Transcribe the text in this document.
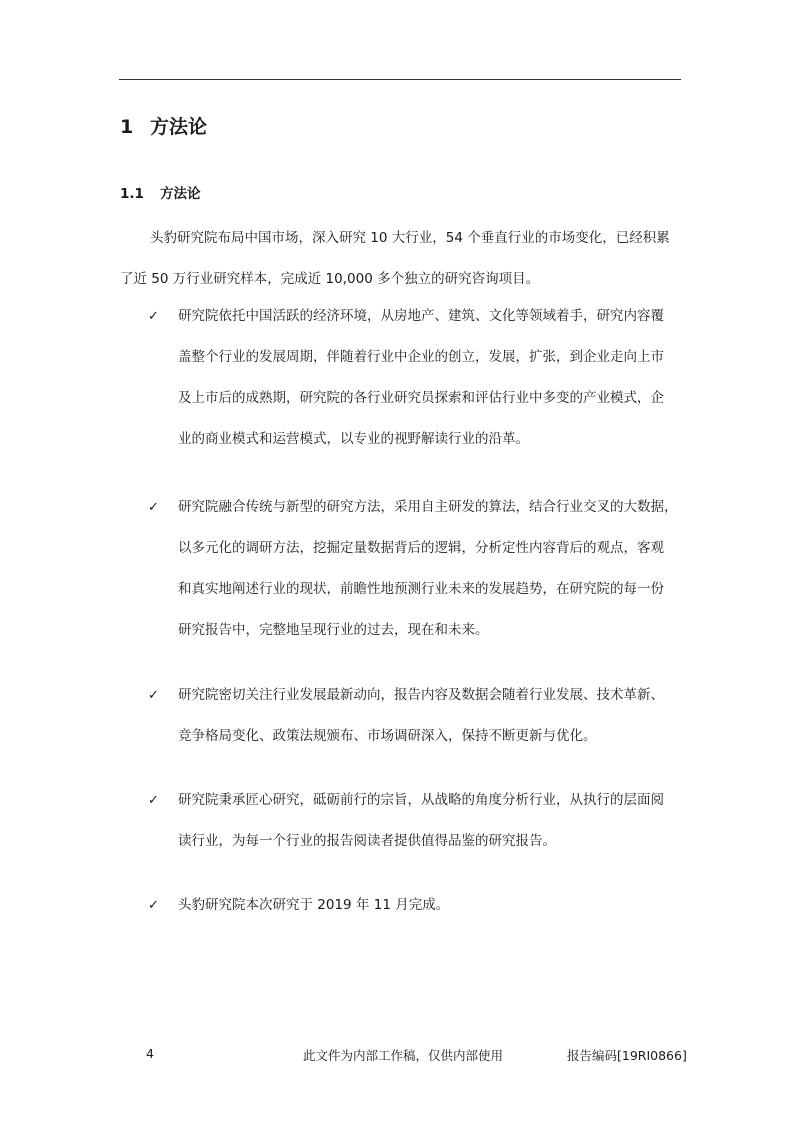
1 方法论
1.1 方法论
头豹研究院布局中国市场，深入研究 10 大行业，54 个垂直行业的市场变化，已经积累
了近 50 万行业研究样本，完成近 10,000 多个独立的研究咨询项目。
✓	研究院依托中国活跃的经济环境，从房地产、建筑、文化等领域着手，研究内容覆
盖整个行业的发展周期，伴随着行业中企业的创立，发展，扩张，到企业走向上市
及上市后的成熟期，研究院的各行业研究员探索和评估行业中多变的产业模式，企
业的商业模式和运营模式，以专业的视野解读行业的沿革。
✓	研究院融合传统与新型的研究方法，采用自主研发的算法，结合行业交叉的大数据，
以多元化的调研方法，挖掘定量数据背后的逻辑，分析定性内容背后的观点，客观
和真实地阐述行业的现状，前瞻性地预测行业未来的发展趋势，在研究院的每一份
研究报告中，完整地呈现行业的过去，现在和未来。
✓	研究院密切关注行业发展最新动向，报告内容及数据会随着行业发展、技术革新、
竞争格局变化、政策法规颁布、市场调研深入，保持不断更新与优化。
✓	研究院秉承匠心研究，砥砺前行的宗旨，从战略的角度分析行业，从执行的层面阅
读行业，为每一个行业的报告阅读者提供值得品鉴的研究报告。
✓	头豹研究院本次研究于 2019 年 11 月完成。
4	此文件为内部工作稿，仅供内部使用	报告编码[19RI0866]
